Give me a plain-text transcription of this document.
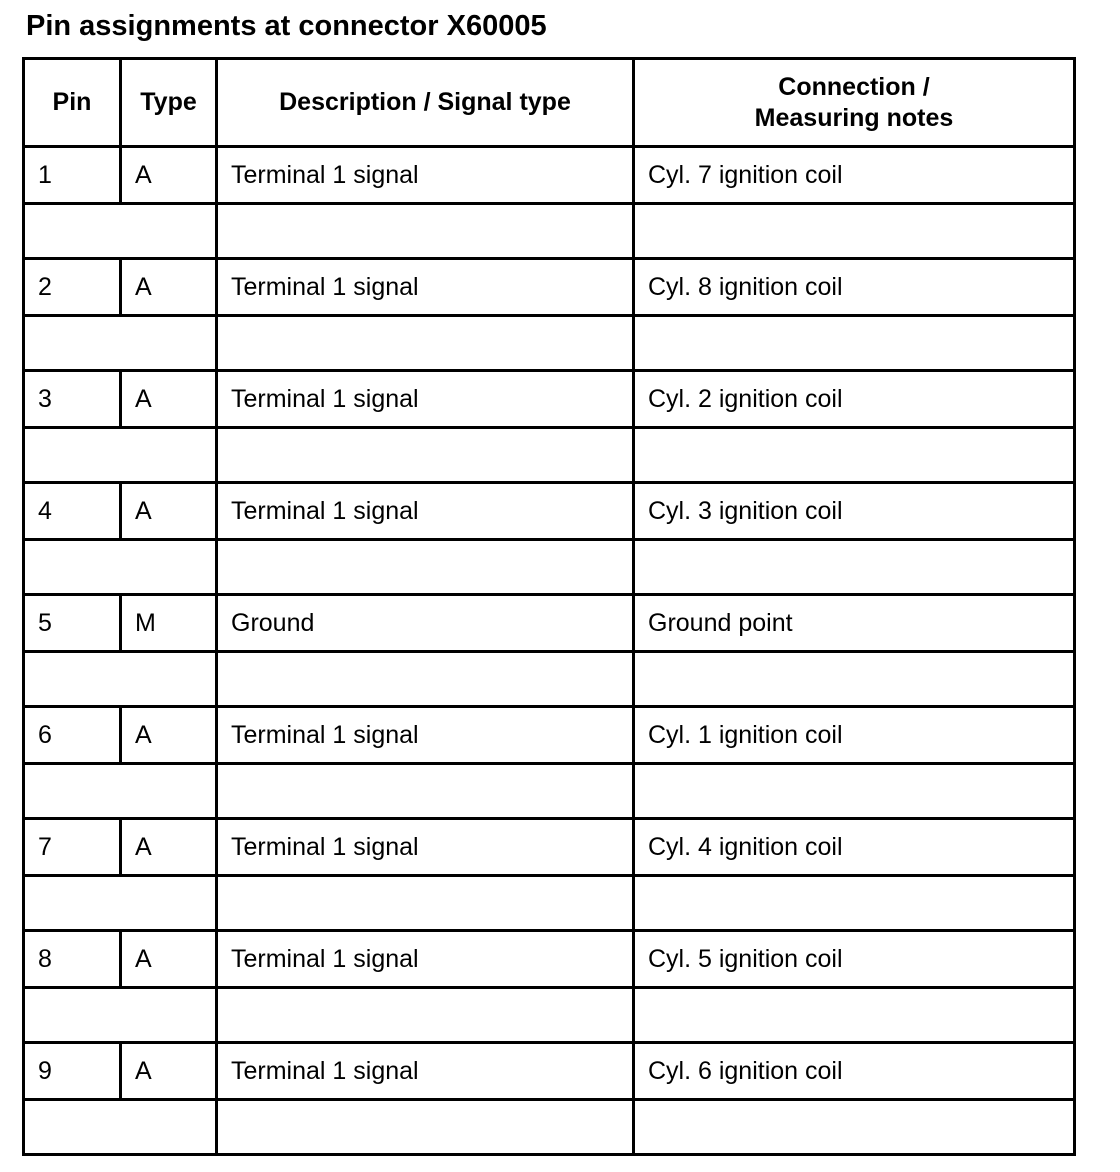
Pin assignments at connector X60005
Pin	Type	Description / Signal type	Connection /
Measuring notes
1	A	Terminal 1 signal	Cyl. 7 ignition coil

2	A	Terminal 1 signal	Cyl. 8 ignition coil

3	A	Terminal 1 signal	Cyl. 2 ignition coil

4	A	Terminal 1 signal	Cyl. 3 ignition coil

5	M	Ground	Ground point

6	A	Terminal 1 signal	Cyl. 1 ignition coil

7	A	Terminal 1 signal	Cyl. 4 ignition coil

8	A	Terminal 1 signal	Cyl. 5 ignition coil

9	A	Terminal 1 signal	Cyl. 6 ignition coil
